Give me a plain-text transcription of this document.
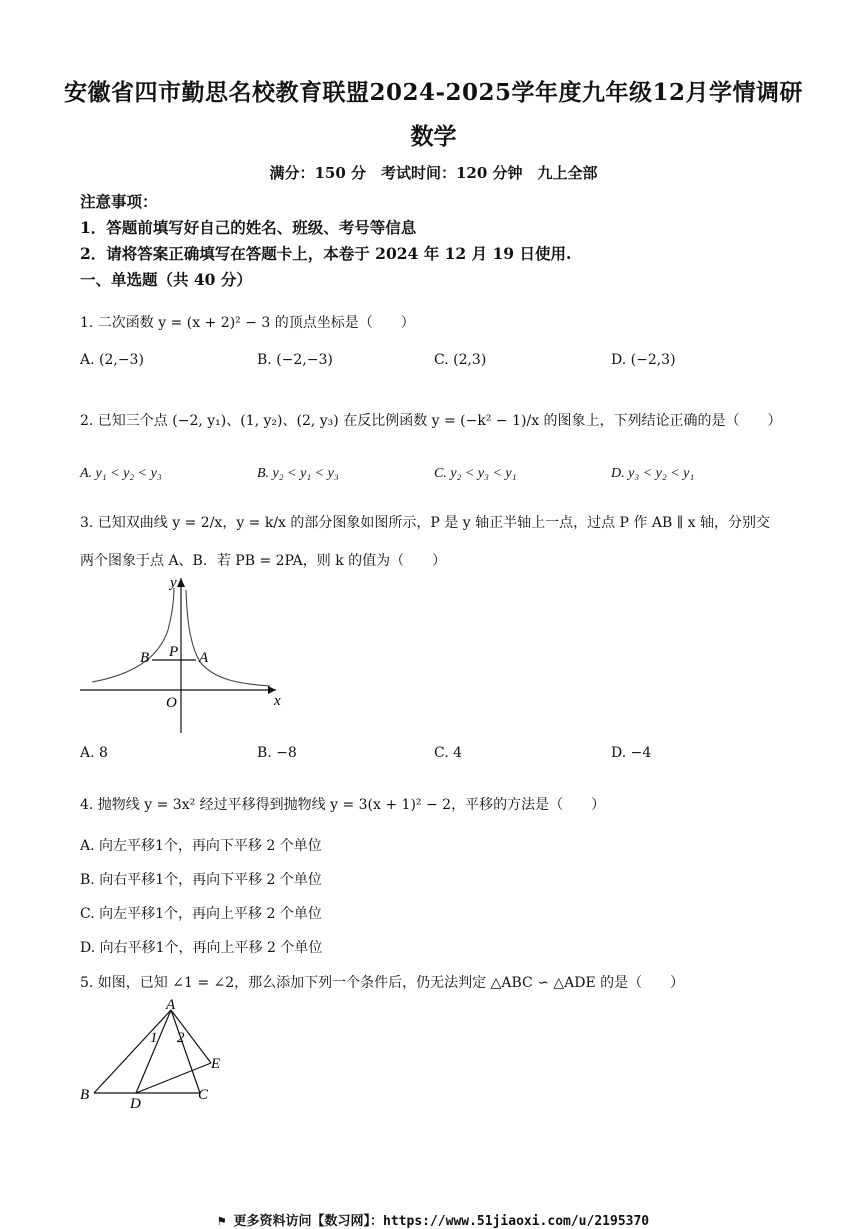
安徽省四市勤思名校教育联盟2024-2025学年度九年级12月学情调研
数学
满分：150 分　考试时间：120 分钟　九上全部
注意事项：
1．答题前填写好自己的姓名、班级、考号等信息
2．请将答案正确填写在答题卡上，本卷于 2024 年 12 月 19 日使用.
一、单选题（共 40 分）
1. 二次函数 y = (x + 2)² − 3 的顶点坐标是（　　）
A. (2,−3)	B. (−2,−3)	C. (2,3)	D. (−2,3)
2. 已知三个点 (−2, y₁)、(1, y₂)、(2, y₃) 在反比例函数 y = (−k² − 1)/x 的图象上，下列结论正确的是（　　）
A. y₁ < y₂ < y₃	B. y₂ < y₁ < y₃	C. y₂ < y₃ < y₁	D. y₃ < y₂ < y₁
3. 已知双曲线 y = 2/x，y = k/x 的部分图象如图所示，P 是 y 轴正半轴上一点，过点 P 作 AB ∥ x 轴，分别交
两个图象于点 A、B．若 PB = 2PA，则 k 的值为（　　）
y
x
O
B P A
A
B
D
C
E
1 2
A. 8	B. −8	C. 4	D. −4
4. 抛物线 y = 3x² 经过平移得到抛物线 y = 3(x + 1)² − 2，平移的方法是（　　）
A. 向左平移1个，再向下平移 2 个单位
B. 向右平移1个，再向下平移 2 个单位
C. 向左平移1个，再向上平移 2 个单位
D. 向右平移1个，再向上平移 2 个单位
5. 如图，已知 ∠1 = ∠2，那么添加下列一个条件后，仍无法判定 △ABC ∽ △ADE 的是（　　）
⚑ 更多资料访问【数习网】：https://www.51jiaoxi.com/u/2195370
